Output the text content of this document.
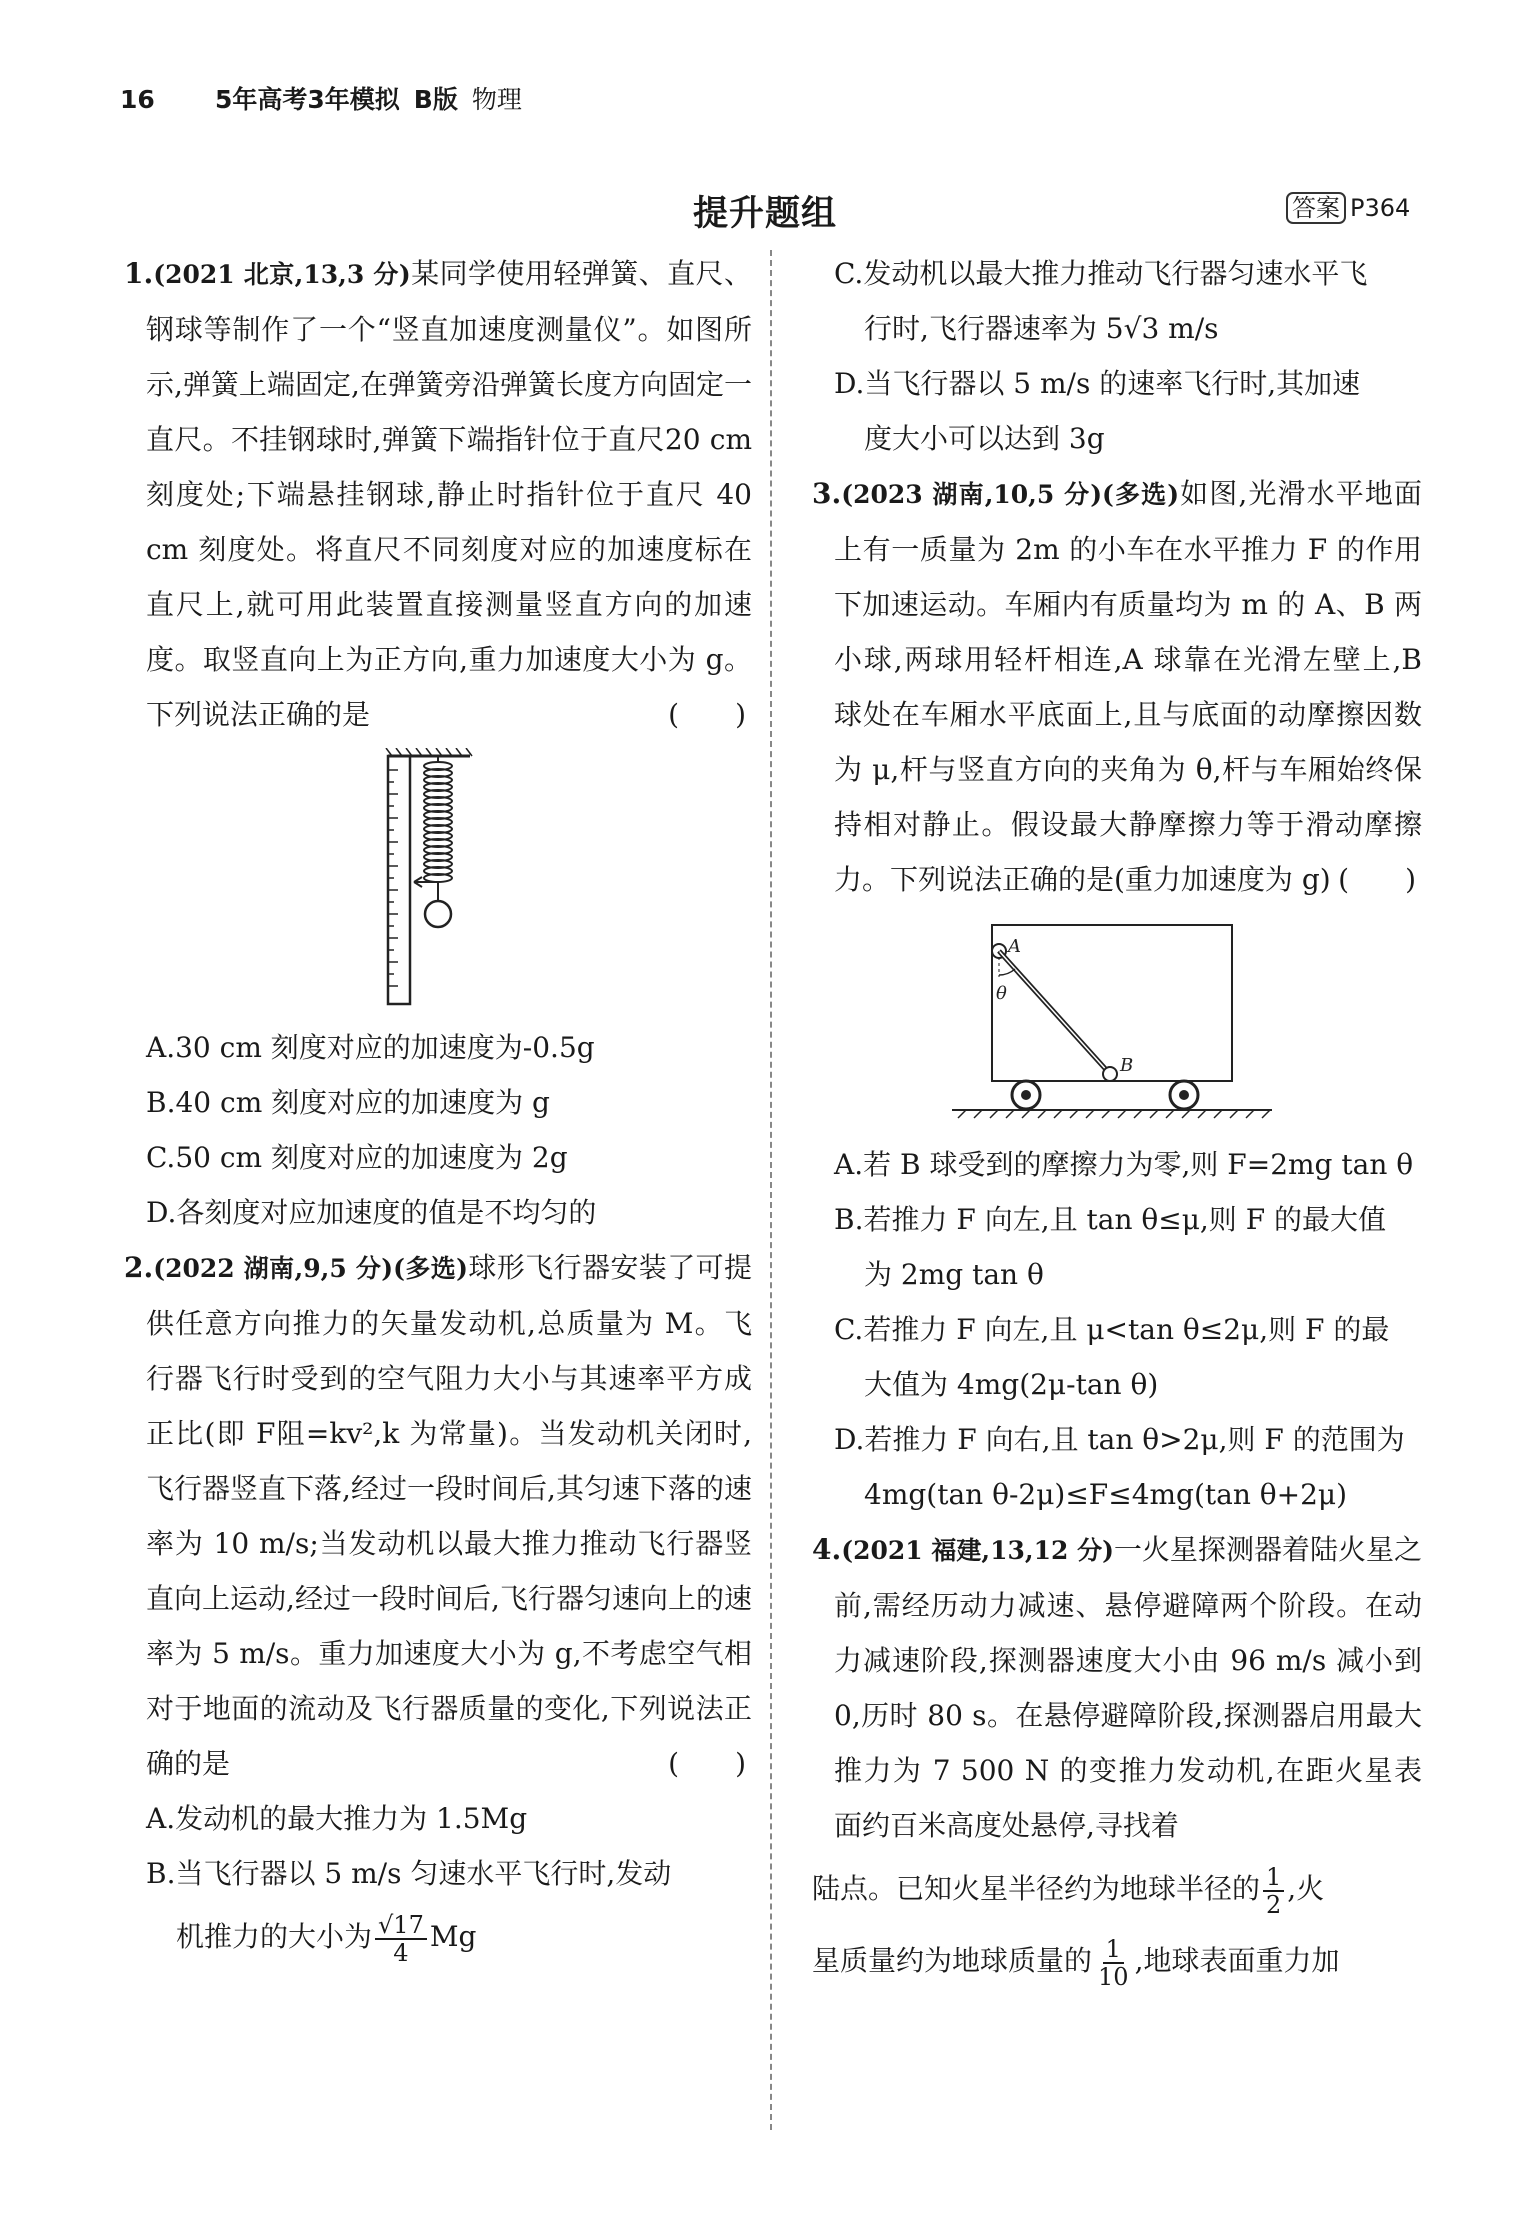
16 5年高考3年模拟 B版 物理
提升题组	答案 P364

1.(2021 北京,13,3 分)某同学使用轻弹簧、直尺、钢球等制作了一个“竖直加速度测量仪”。如图所示,弹簧上端固定,在弹簧旁沿弹簧长度方向固定一直尺。不挂钢球时,弹簧下端指针位于直尺20 cm 刻度处;下端悬挂钢球,静止时指针位于直尺 40 cm 刻度处。将直尺不同刻度对应的加速度标在直尺上,就可用此装置直接测量竖直方向的加速度。取竖直向上为正方向,重力加速度大小为 g。下列说法正确的是	(　　)

A.30 cm 刻度对应的加速度为-0.5g

B.40 cm 刻度对应的加速度为 g

C.50 cm 刻度对应的加速度为 2g

D.各刻度对应加速度的值是不均匀的

2.(2022 湖南,9,5 分)(多选)球形飞行器安装了可提供任意方向推力的矢量发动机,总质量为 M。飞行器飞行时受到的空气阻力大小与其速率平方成正比(即 F阻=kv²,k 为常量)。当发动机关闭时,飞行器竖直下落,经过一段时间后,其匀速下落的速率为 10 m/s;当发动机以最大推力推动飞行器竖直向上运动,经过一段时间后,飞行器匀速向上的速率为 5 m/s。重力加速度大小为 g,不考虑空气相对于地面的流动及飞行器质量的变化,下列说法正确的是	(　　)

A.发动机的最大推力为 1.5Mg

B.当飞行器以 5 m/s 匀速水平飞行时,发动

机推力的大小为 $\frac{√17}{4}$ Mg

C.发动机以最大推力推动飞行器匀速水平飞

行时,飞行器速率为 5√3 m/s

D.当飞行器以 5 m/s 的速率飞行时,其加速

度大小可以达到 3g

3.(2023 湖南,10,5 分)(多选)如图,光滑水平地面上有一质量为 2m 的小车在水平推力 F 的作用下加速运动。车厢内有质量均为 m 的 A、B 两小球,两球用轻杆相连,A 球靠在光滑左壁上,B 球处在车厢水平底面上,且与底面的动摩擦因数为 μ,杆与竖直方向的夹角为 θ,杆与车厢始终保持相对静止。假设最大静摩擦力等于滑动摩擦力。下列说法正确的是(重力加速度为 g) (　　)

A
θ
B

A.若 B 球受到的摩擦力为零,则 F=2mg tan θ

B.若推力 F 向左,且 tan θ≤μ,则 F 的最大值

为 2mg tan θ

C.若推力 F 向左,且 μ<tan θ≤2μ,则 F 的最

大值为 4mg(2μ-tan θ)

D.若推力 F 向右,且 tan θ>2μ,则 F 的范围为

4mg(tan θ-2μ)≤F≤4mg(tan θ+2μ)

4.(2021 福建,13,12 分)一火星探测器着陆火星之前,需经历动力减速、悬停避障两个阶段。在动力减速阶段,探测器速度大小由 96 m/s 减小到 0,历时 80 s。在悬停避障阶段,探测器启用最大推力为 7 500 N 的变推力发动机,在距火星表面约百米高度处悬停,寻找着

陆点。已知火星半径约为地球半径的 $\frac{1}{2}$ ,火

星质量约为地球质量的 $\frac{1}{10}$ ,地球表面重力加
